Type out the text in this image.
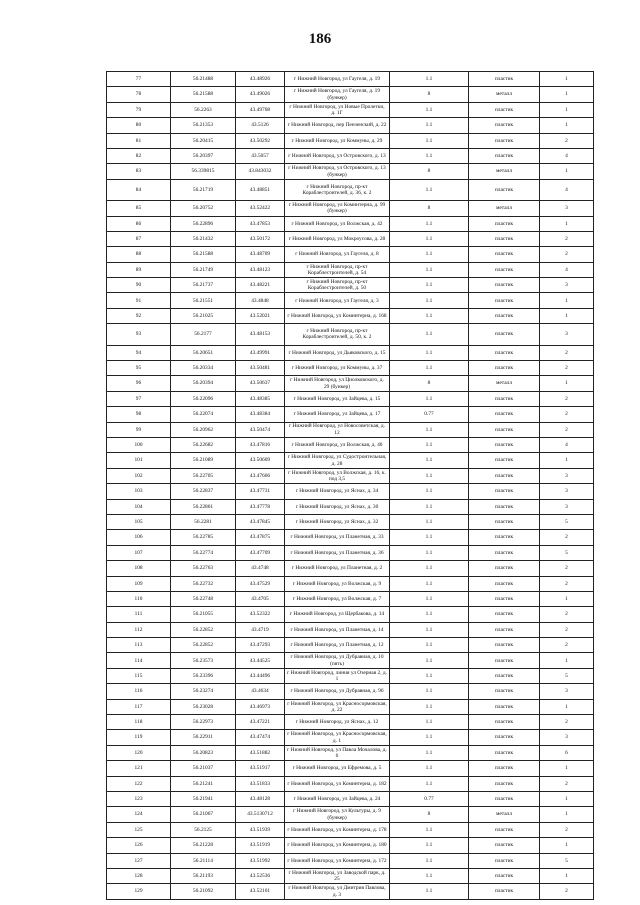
186
77	56.21488	43.48926	г Нижний Новгород, ул Гаугеля, д. 19	1.1	пластик	1
78	56.21588	43.49026	г Нижний Новгород, ул Гаугеля, д. 19 (бункер)	8	металл	1
79	56.2263	43.49708	г Нижний Новгород, ул Новые Пролетки, д. 1Г	1.1	пластик	1
80	56.21353	43.5126	г Нижний Новгород, пер Пензенский, д. 22	1.1	пластик	1
81	56.20415	43.50292	г Нижний Новгород, ул Коммуны, д. 29	1.1	пластик	2
82	56.20397	43.5057	г Нижний Новгород, ул Островского, д. 13	1.1	пластик	4
83	56.339815	43.843032	г Нижний Новгород, ул Островского, д. 13 (бункер)	8	металл	1
84	56.21719	43.48851	г Нижний Новгород, пр-кт Кораблестроителей, д. 36, к. 2	1.1	пластик	4
85	56.20752	43.52422	г Нижний Новгород, ул Коминтерна, д. 99 (бункер)	8	металл	3
86	56.22896	43.47853	г Нижний Новгород, ул Волжская, д. 42	1.1	пластик	1
87	56.21432	43.50172	г Нижний Новгород, ул Мокроусова, д. 28	1.1	пластик	2
88	56.21588	43.48709	г Нижний Новгород, ул Гаугеля, д. 8	1.1	пластик	2
89	56.21749	43.48123	г Нижний Новгород, пр-кт Кораблестроителей, д. 54	1.1	пластик	4
90	56.21737	43.48221	г Нижний Новгород, пр-кт Кораблестроителей, д. 50	1.1	пластик	3
91	56.21551	43.4848	г Нижний Новгород, ул Гаугеля, д. 3	1.1	пластик	1
92	56.21025	43.52021	г Нижний Новгород, ул Коминтерна, д. 168	1.1	пластик	1
93	56.2177	43.48153	г Нижний Новгород, пр-кт Кораблестроителей, д. 50, к. 2	1.1	пластик	3
94	56.20651	43.49991	г Нижний Новгород, ул Дьяковского, д. 15	1.1	пластик	2
95	56.20334	43.50481	г Нижний Новгород, ул Коммуны, д. 37	1.1	пластик	2
96	56.20394	43.50637	г Нижний Новгород, ул Циолковского, д. 29 (бункер)	8	металл	1
97	56.22096	43.48385	г Нижний Новгород, ул Зайцева, д. 15	1.1	пластик	2
98	56.22074	43.48384	г Нижний Новгород, ул Зайцева, д. 17	0.77	пластик	2
99	56.20962	43.50474	г Нижний Новгород, ул Новосоветская, д. 12	1.1	пластик	2
100	56.22682	43.47816	г Нижний Новгород, ул Волжская, д. 40	1.1	пластик	4
101	56.21089	43.50609	г Нижний Новгород, ул Судостроительная, д. 28	1.1	пластик	1
102	56.22705	43.47666	г Нижний Новгород, ул Волжская, д. 16, к. под 3,5	1.1	пластик	3
103	56.22837	43.47731	г Нижний Новгород, ул Яснах, д. 34	1.1	пластик	3
104	56.22861	43.47778	г Нижний Новгород, ул Яснах, д. 30	1.1	пластик	3
105	56.2281	43.47845	г Нижний Новгород, ул Яснах, д. 32	1.1	пластик	5
106	56.22785	43.47875	г Нижний Новгород, ул Планетная, д. 33	1.1	пластик	2
107	56.22774	43.47709	г Нижний Новгород, ул Планетная, д. 36	1.1	пластик	5
108	56.22763	43.4748	г Нижний Новгород, ул Планетная, д. 2	1.1	пластик	2
109	56.22732	43.47529	г Нижний Новгород, ул Волжская, д. 9	1.1	пластик	2
110	56.22748	43.4705	г Нижний Новгород, ул Волжская, д. 7	1.1	пластик	1
111	56.21055	43.52322	г Нижний Новгород, ул Щербакова, д. 14	1.1	пластик	2
112	56.22852	43.4719	г Нижний Новгород, ул Планетная, д. 14	1.1	пластик	2
113	56.22852	43.47293	г Нижний Новгород, ул Планетная, д. 12	1.1	пластик	2
114	56.23573	43.44525	г Нижний Новгород, ул Дубравная, д. 10 (пять)	1.1	пластик	1
115	56.23396	43.44496	г Нижний Новгород, линия ул Озерная 2, д. 1	1.1	пластик	5
116	56.23274	43.4634	г Нижний Новгород, ул Дубравная, д. 96	1.1	пластик	3
117	56.23028	43.46973	г Нижний Новгород, ул Красносормовская, д. 22	1.1	пластик	1
118	56.22973	43.47221	г Нижний Новгород, ул Яснах, д. 12	1.1	пластик	2
119	56.22911	43.47474	г Нижний Новгород, ул Красносормовская, д. 1	1.1	пластик	3
120	56.20823	43.51882	г Нижний Новгород, ул Павла Мочалова, д. 6	1.1	пластик	6
121	56.21037	43.51917	г Нижний Новгород, ул Ефремова, д. 5	1.1	пластик	1
122	56.21241	43.51833	г Нижний Новгород, ул Коминтерна, д. 182	1.1	пластик	2
123	56.21941	43.48128	г Нижний Новгород, ул Зайцева, д. 24	0.77	пластик	1
124	56.21067	43.5130712	г Нижний Новгород, ул Культуры, д. 9 (бункер)	8	металл	1
125	56.2125	43.51939	г Нижний Новгород, ул Коминтерна, д. 178	1.1	пластик	2
126	56.21228	43.51919	г Нижний Новгород, ул Коминтерна, д. 180	1.1	пластик	1
127	56.21114	43.51992	г Нижний Новгород, ул Коминтерна, д. 172	1.1	пластик	5
128	56.21193	43.52536	г Нижний Новгород, ул Заводской парк, д. 25	1.1	пластик	1
129	56.21092	43.52101	г Нижний Новгород, ул Дмитрия Павлова, д. 3	1.1	пластик	2
